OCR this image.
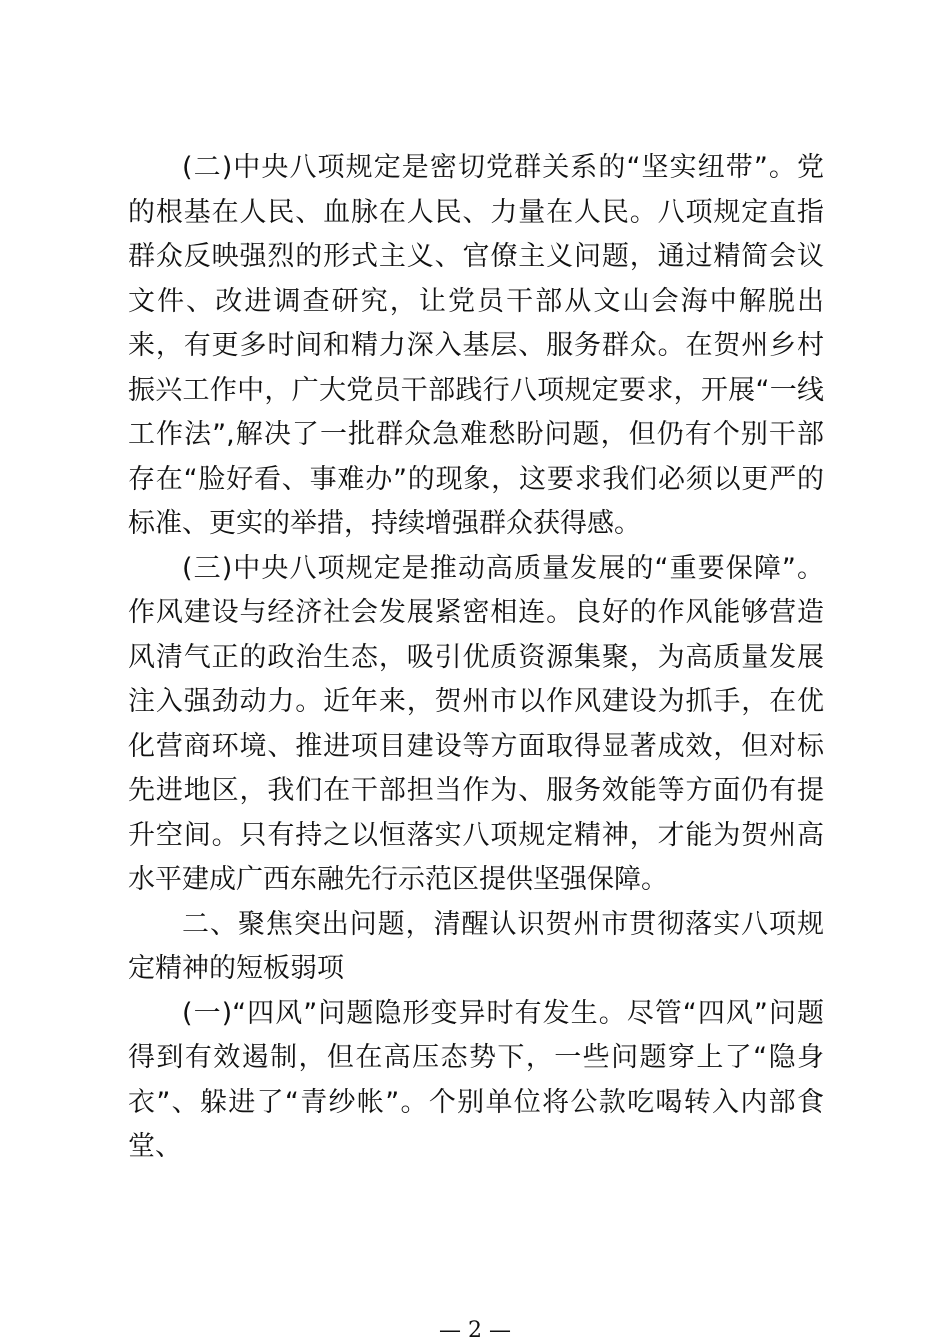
(二)中央八项规定是密切党群关系的“坚实纽带”。党的根基在人民、血脉在人民、力量在人民。八项规定直指群众反映强烈的形式主义、官僚主义问题，通过精简会议文件、改进调查研究，让党员干部从文山会海中解脱出来，有更多时间和精力深入基层、服务群众。在贺州乡村振兴工作中，广大党员干部践行八项规定要求，开展“一线工作法”,解决了一批群众急难愁盼问题，但仍有个别干部存在“脸好看、事难办”的现象，这要求我们必须以更严的标准、更实的举措，持续增强群众获得感。

(三)中央八项规定是推动高质量发展的“重要保障”。作风建设与经济社会发展紧密相连。良好的作风能够营造风清气正的政治生态，吸引优质资源集聚，为高质量发展注入强劲动力。近年来，贺州市以作风建设为抓手，在优化营商环境、推进项目建设等方面取得显著成效，但对标先进地区，我们在干部担当作为、服务效能等方面仍有提升空间。只有持之以恒落实八项规定精神，才能为贺州高水平建成广西东融先行示范区提供坚强保障。

二、聚焦突出问题，清醒认识贺州市贯彻落实八项规定精神的短板弱项

(一)“四风”问题隐形变异时有发生。尽管“四风”问题得到有效遏制，但在高压态势下，一些问题穿上了“隐身衣”、躲进了“青纱帐”。个别单位将公款吃喝转入内部食堂、

— 2 —
